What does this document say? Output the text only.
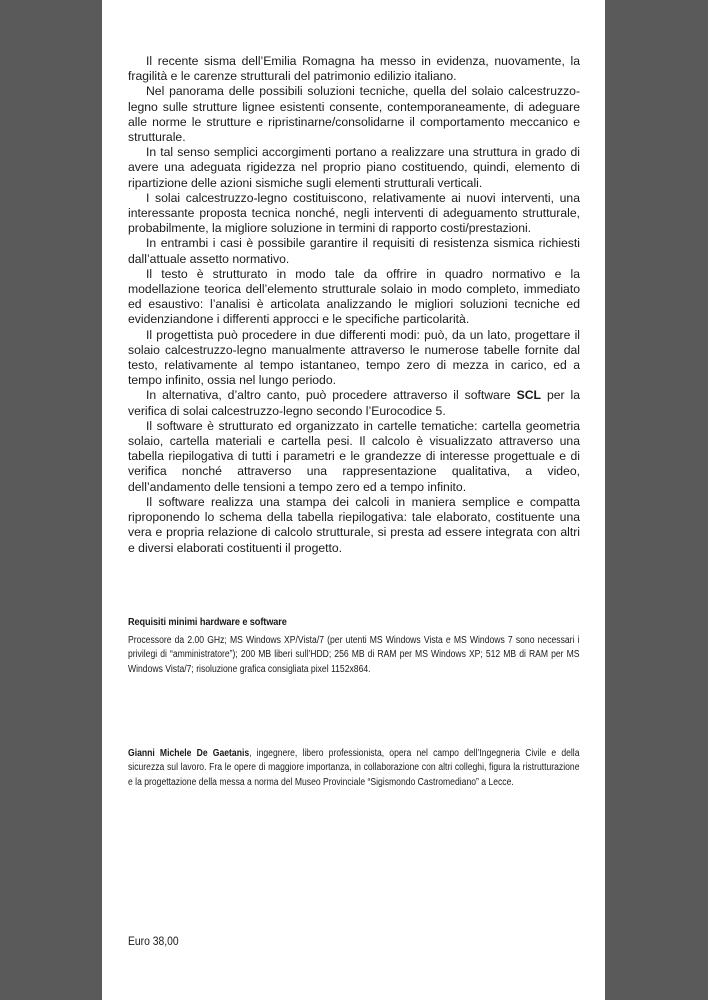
Il recente sisma dell’Emilia Romagna ha messo in evidenza, nuovamente, la fragilità e le carenze strutturali del patrimonio edilizio italiano.

Nel panorama delle possibili soluzioni tecniche, quella del solaio calcestruzzo-legno sulle strutture lignee esistenti consente, contemporaneamente, di adeguare alle norme le strutture e ripristinarne/consolidarne il comportamento meccanico e strutturale.

In tal senso semplici accorgimenti portano a realizzare una struttura in grado di avere una adeguata rigidezza nel proprio piano costituendo, quindi, elemento di ripartizione delle azioni sismiche sugli elementi strutturali verticali.

I solai calcestruzzo-legno costituiscono, relativamente ai nuovi interventi, una interessante proposta tecnica nonché, negli interventi di adeguamento strutturale, probabilmente, la migliore soluzione in termini di rapporto costi/prestazioni.

In entrambi i casi è possibile garantire il requisiti di resistenza sismica richiesti dall’attuale assetto normativo.

Il testo è strutturato in modo tale da offrire in quadro normativo e la modellazione teorica dell’elemento strutturale solaio in modo completo, immediato ed esaustivo: l’analisi è articolata analizzando le migliori soluzioni tecniche ed evidenziandone i differenti approcci e le specifiche particolarità.

Il progettista può procedere in due differenti modi: può, da un lato, progettare il solaio calcestruzzo-legno manualmente attraverso le numerose tabelle fornite dal testo, relativamente al tempo istantaneo, tempo zero di mezza in carico, ed a tempo infinito, ossia nel lungo periodo.

In alternativa, d’altro canto, può procedere attraverso il software SCL per la verifica di solai calcestruzzo-legno secondo l’Eurocodice 5.

Il software è strutturato ed organizzato in cartelle tematiche: cartella geometria solaio, cartella materiali e cartella pesi. Il calcolo è visualizzato attraverso una tabella riepilogativa di tutti i parametri e le grandezze di interesse progettuale e di verifica nonché attraverso una rappresentazione qualitativa, a video, dell’andamento delle tensioni a tempo zero ed a tempo infinito.

Il software realizza una stampa dei calcoli in maniera semplice e compatta riproponendo lo schema della tabella riepilogativa: tale elaborato, costituente una vera e propria relazione di calcolo strutturale, si presta ad essere integrata con altri e diversi elaborati costituenti il progetto.

Requisiti minimi hardware e software
Processore da 2.00 GHz; MS Windows XP/Vista/7 (per utenti MS Windows Vista e MS Windows 7 sono necessari i privilegi di “amministratore”); 200 MB liberi sull’HDD; 256 MB di RAM per MS Windows XP; 512 MB di RAM per MS Windows Vista/7; risoluzione grafica consigliata pixel 1152x864.
Gianni Michele De Gaetanis, ingegnere, libero professionista, opera nel campo dell’Ingegneria Civile e della sicurezza sul lavoro. Fra le opere di maggiore importanza, in collaborazione con altri colleghi, figura la ristrutturazione e la progettazione della messa a norma del Museo Provinciale “Sigismondo Castromediano” a Lecce.
Euro 38,00
